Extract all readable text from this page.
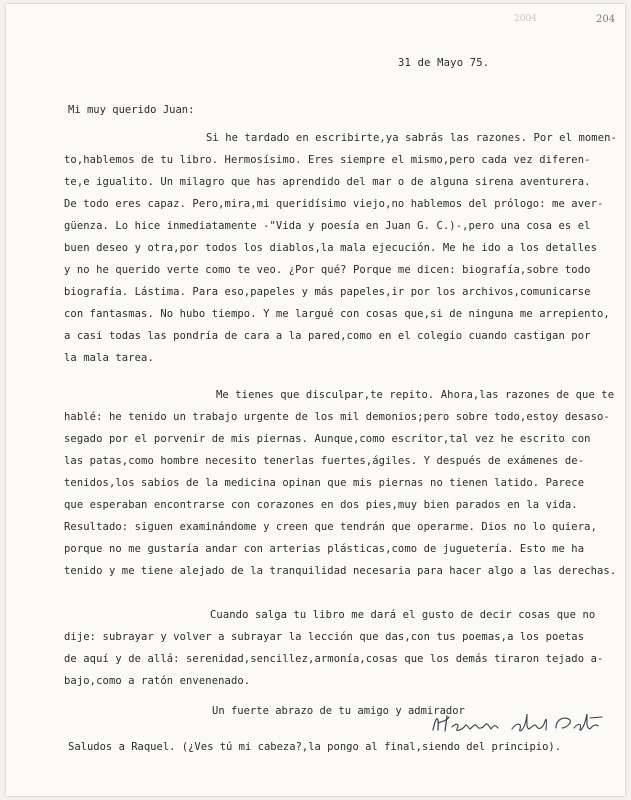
2004	204
31 de Mayo 75.
Mi muy querido Juan:
Si he tardado en escribirte,ya sabrás las razones. Por el momen-
to,hablemos de tu libro. Hermosísimo. Eres siempre el mismo,pero cada vez diferen-
te,e igualito. Un milagro que has aprendido del mar o de alguna sirena aventurera.
De todo eres capaz. Pero,mira,mi queridísimo viejo,no hablemos del prólogo: me aver-
güenza. Lo hice inmediatamente -"Vida y poesía en Juan G. C.)-,pero una cosa es el
buen deseo y otra,por todos los diablos,la mala ejecución. Me he ido a los detalles
y no he querido verte como te veo. ¿Por qué? Porque me dicen: biografía,sobre todo
biografía. Lástima. Para eso,papeles y más papeles,ir por los archivos,comunicarse
con fantasmas. No hubo tiempo. Y me largué con cosas que,si de ninguna me arrepiento,
a casi todas las pondría de cara a la pared,como en el colegio cuando castigan por
la mala tarea.
Me tienes que disculpar,te repito. Ahora,las razones de que te
hablé: he tenido un trabajo urgente de los mil demonios;pero sobre todo,estoy desaso-
segado por el porvenir de mis piernas. Aunque,como escritor,tal vez he escrito con
las patas,como hombre necesito tenerlas fuertes,ágiles. Y después de exámenes de-
tenidos,los sabios de la medicina opinan que mis piernas no tienen latido. Parece
que esperaban encontrarse con corazones en dos pies,muy bien parados en la vida.
Resultado: siguen examinándome y creen que tendrán que operarme. Dios no lo quiera,
porque no me gustaría andar con arterias plásticas,como de juguetería. Esto me ha
tenido y me tiene alejado de la tranquilidad necesaria para hacer algo a las derechas.
Cuando salga tu libro me dará el gusto de decir cosas que no
dije: subrayar y volver a subrayar la lección que das,con tus poemas,a los poetas
de aquí y de allá: serenidad,sencillez,armonía,cosas que los demás tiraron tejado a-
bajo,como a ratón envenenado.
Un fuerte abrazo de tu amigo y admirador
Saludos a Raquel. (¿Ves tú mi cabeza?,la pongo al final,siendo del principio).
